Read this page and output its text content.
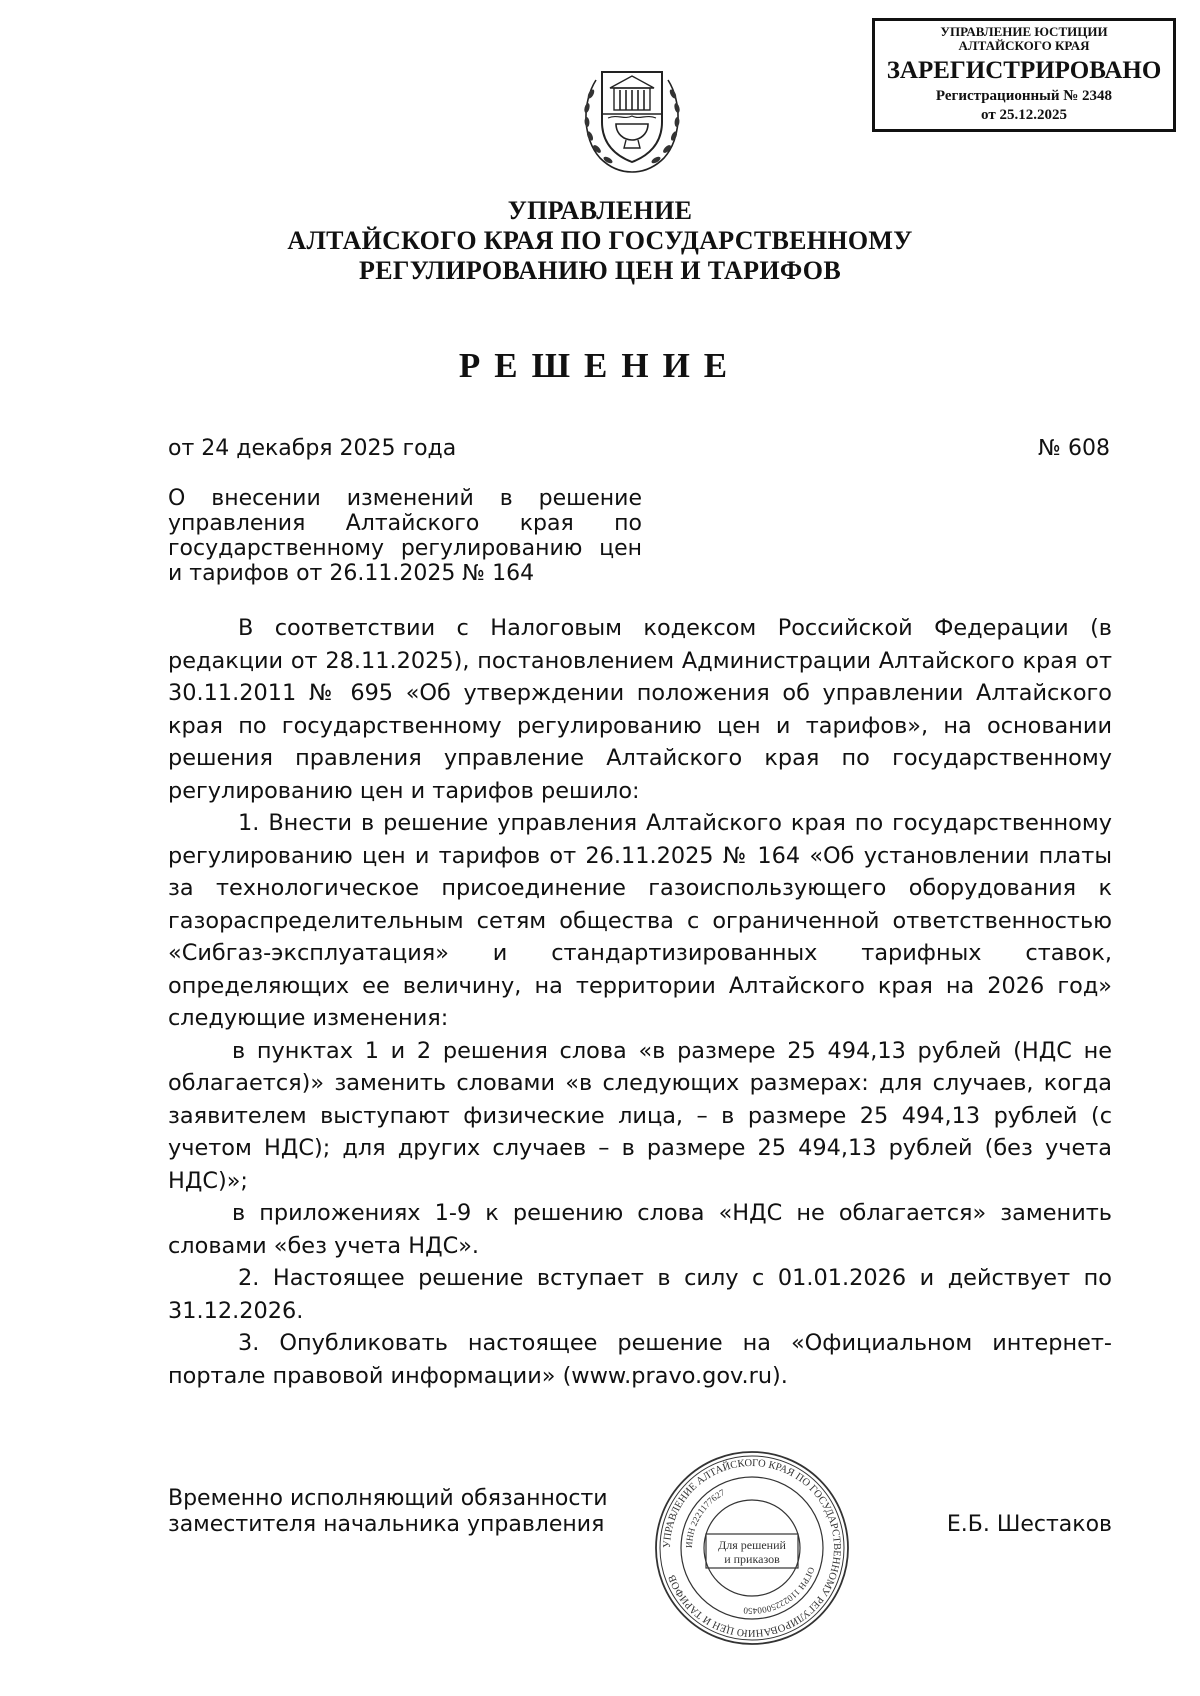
УПРАВЛЕНИЕ ЮСТИЦИИ
АЛТАЙСКОГО КРАЯ
ЗАРЕГИСТРИРОВАНО
Регистрационный № 2348
от 25.12.2025
УПРАВЛЕНИЕ
АЛТАЙСКОГО КРАЯ ПО ГОСУДАРСТВЕННОМУ
РЕГУЛИРОВАНИЮ ЦЕН И ТАРИФОВ
РЕШЕНИЕ
от 24 декабря 2025 года	№ 608
О внесении изменений в решение управления Алтайского края по государственному регулированию цен и тарифов от 26.11.2025 № 164

В соответствии с Налоговым кодексом Российской Федерации (в редакции от 28.11.2025), постановлением Администрации Алтайского края от 30.11.2011 № 695 «Об утверждении положения об управлении Алтайского края по государственному регулированию цен и тарифов», на основании решения правления управление Алтайского края по государственному регулированию цен и тарифов решило:

1. Внести в решение управления Алтайского края по государственному регулированию цен и тарифов от 26.11.2025 № 164 «Об установлении платы за технологическое присоединение газоиспользующего оборудования к газораспределительным сетям общества с ограниченной ответственностью «Сибгаз-эксплуатация» и стандартизированных тарифных ставок, определяющих ее величину, на территории Алтайского края на 2026 год» следующие изменения:

в пунктах 1 и 2 решения слова «в размере 25 494,13 рублей (НДС не облагается)» заменить словами «в следующих размерах: для случаев, когда заявителем выступают физические лица, – в размере 25 494,13 рублей (с учетом НДС); для других случаев – в размере 25 494,13 рублей (без учета НДС)»;

в приложениях 1-9 к решению слова «НДС не облагается» заменить словами «без учета НДС».

2. Настоящее решение вступает в силу с 01.01.2026 и действует по 31.12.2026.

3. Опубликовать настоящее решение на «Официальном интернет-портале правовой информации» (www.pravo.gov.ru).

Временно исполняющий обязанности
заместителя начальника управления	Е.Б. Шестаков
УПРАВЛЕНИЕ АЛТАЙСКОГО КРАЯ ПО ГОСУДАРСТВЕННОМУ РЕГУЛИРОВАНИЮ ЦЕН И ТАРИФОВ
ИНН 2221177627
ОГРН 1102225000450
Для решений
и приказов
